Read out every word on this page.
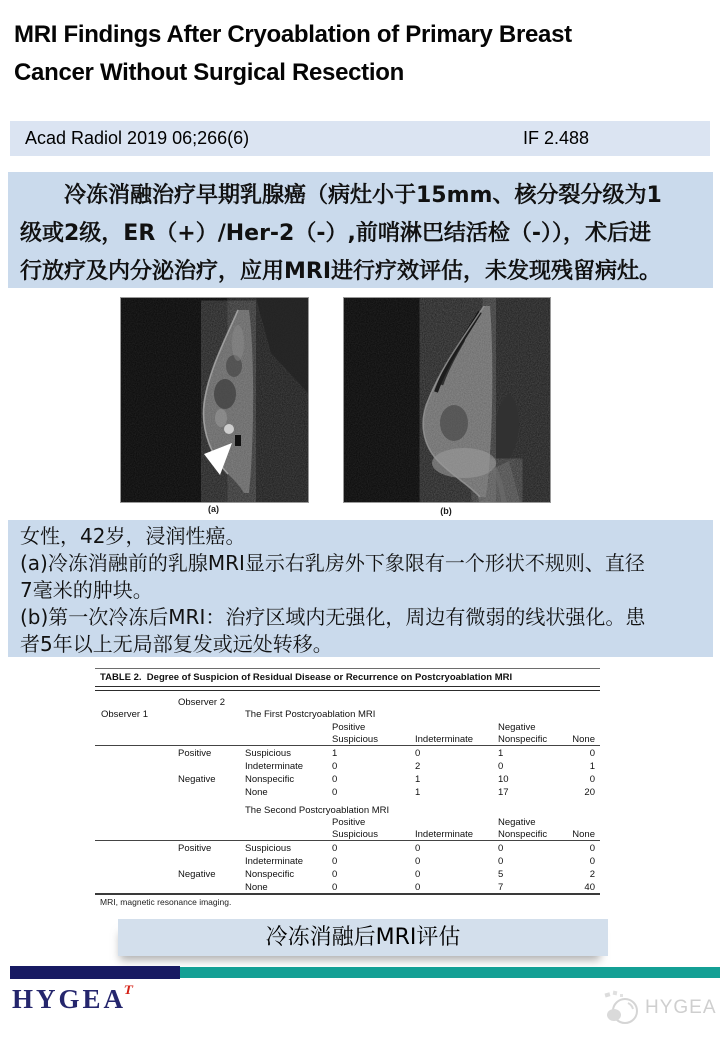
MRI Findings After Cryoablation of Primary Breast
Cancer Without Surgical Resection
Acad Radiol 2019 06;266(6)	IF 2.488
冷冻消融治疗早期乳腺癌（病灶小于15mm、核分裂分级为1
级或2级，ER（+）/Her-2（-）,前哨淋巴结活检（-）），术后进
行放疗及内分泌治疗，应用MRI进行疗效评估，未发现残留病灶。
(a)	(b)
女性，42岁，浸润性癌。
(a)冷冻消融前的乳腺MRI显示右乳房外下象限有一个形状不规则、直径
7毫米的肿块。
(b)第一次冷冻后MRI：治疗区域内无强化，周边有微弱的线状强化。患
者5年以上无局部复发或远处转移。
TABLE 2.  Degree of Suspicion of Residual Disease or Recurrence on Postcryoablation MRI
Observer 2
Observer 1	The First Postcryoablation MRI
Positive	Negative
Suspicious	Indeterminate	Nonspecific	None
Positive	Suspicious	1	0	1	0
Indeterminate	0	2	0	1
Negative	Nonspecific	0	1	10	0
None	0	1	17	20
The Second Postcryoablation MRI
Positive	Negative
Suspicious	Indeterminate	Nonspecific	None
Positive	Suspicious	0	0	0	0
Indeterminate	0	0	0	0
Negative	Nonspecific	0	0	5	2
None	0	0	7	40
MRI, magnetic resonance imaging.
冷冻消融后MRI评估
HYGEAT
HYGEA
